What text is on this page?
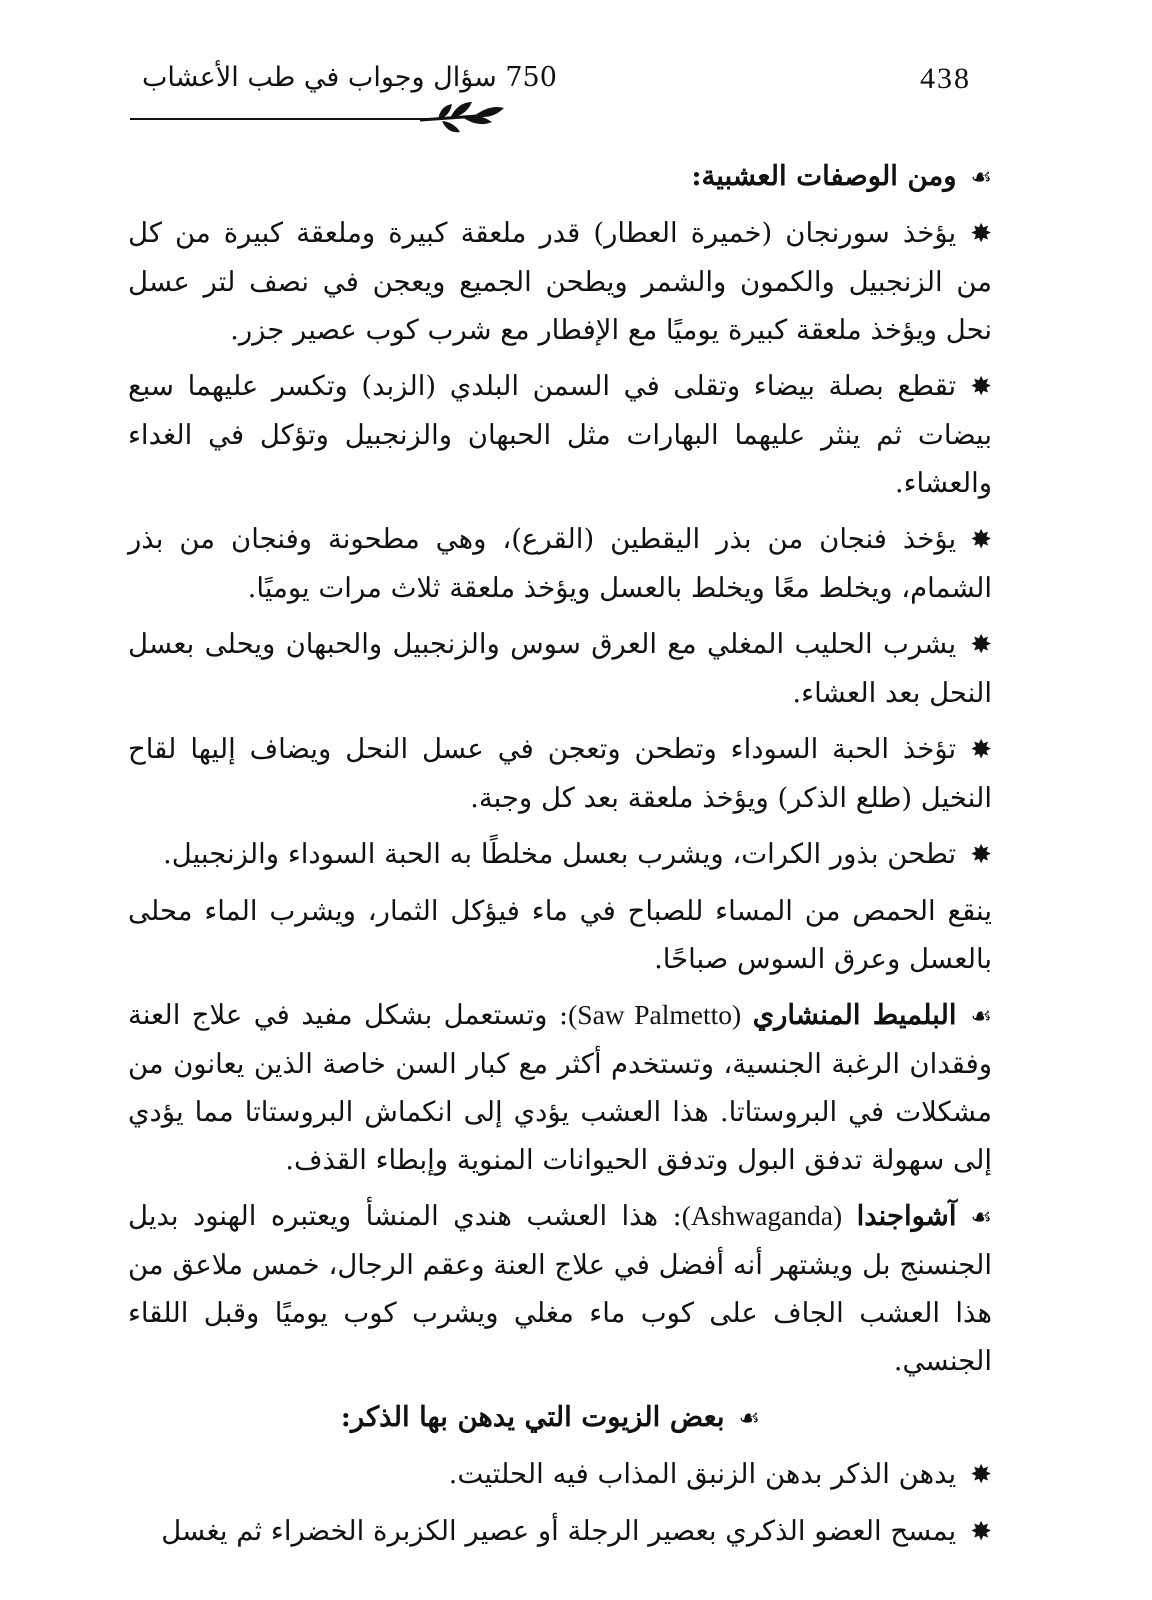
438
750 سؤال وجواب في طب الأعشاب

☙ومن الوصفات العشبية:

✸يؤخذ سورنجان (خميرة العطار) قدر ملعقة كبيرة وملعقة كبيرة من كل من الزنجبيل والكمون والشمر ويطحن الجميع ويعجن في نصف لتر عسل نحل ويؤخذ ملعقة كبيرة يوميًا مع الإفطار مع شرب كوب عصير جزر.

✸تقطع بصلة بيضاء وتقلى في السمن البلدي (الزبد) وتكسر عليهما سبع بيضات ثم ينثر عليهما البهارات مثل الحبهان والزنجبيل وتؤكل في الغداء والعشاء.

✸يؤخذ فنجان من بذر اليقطين (القرع)، وهي مطحونة وفنجان من بذر الشمام، ويخلط معًا ويخلط بالعسل ويؤخذ ملعقة ثلاث مرات يوميًا.

✸يشرب الحليب المغلي مع العرق سوس والزنجبيل والحبهان ويحلى بعسل النحل بعد العشاء.

✸تؤخذ الحبة السوداء وتطحن وتعجن في عسل النحل ويضاف إليها لقاح النخيل (طلع الذكر) ويؤخذ ملعقة بعد كل وجبة.

✸تطحن بذور الكرات، ويشرب بعسل مخلطًا به الحبة السوداء والزنجبيل.

ينقع الحمص من المساء للصباح في ماء فيؤكل الثمار، ويشرب الماء محلى بالعسل وعرق السوس صباحًا.

☙البلميط المنشاري (Saw Palmetto): وتستعمل بشكل مفيد في علاج العنة وفقدان الرغبة الجنسية، وتستخدم أكثر مع كبار السن خاصة الذين يعانون من مشكلات في البروستاتا. هذا العشب يؤدي إلى انكماش البروستاتا مما يؤدي إلى سهولة تدفق البول وتدفق الحيوانات المنوية وإبطاء القذف.

☙آشواجندا (Ashwaganda): هذا العشب هندي المنشأ ويعتبره الهنود بديل الجنسنج بل ويشتهر أنه أفضل في علاج العنة وعقم الرجال، خمس ملاعق من هذا العشب الجاف على كوب ماء مغلي ويشرب كوب يوميًا وقبل اللقاء الجنسي.

☙بعض الزيوت التي يدهن بها الذكر:

✸يدهن الذكر بدهن الزنبق المذاب فيه الحلتيت.

✸يمسح العضو الذكري بعصير الرجلة أو عصير الكزبرة الخضراء ثم يغسل
